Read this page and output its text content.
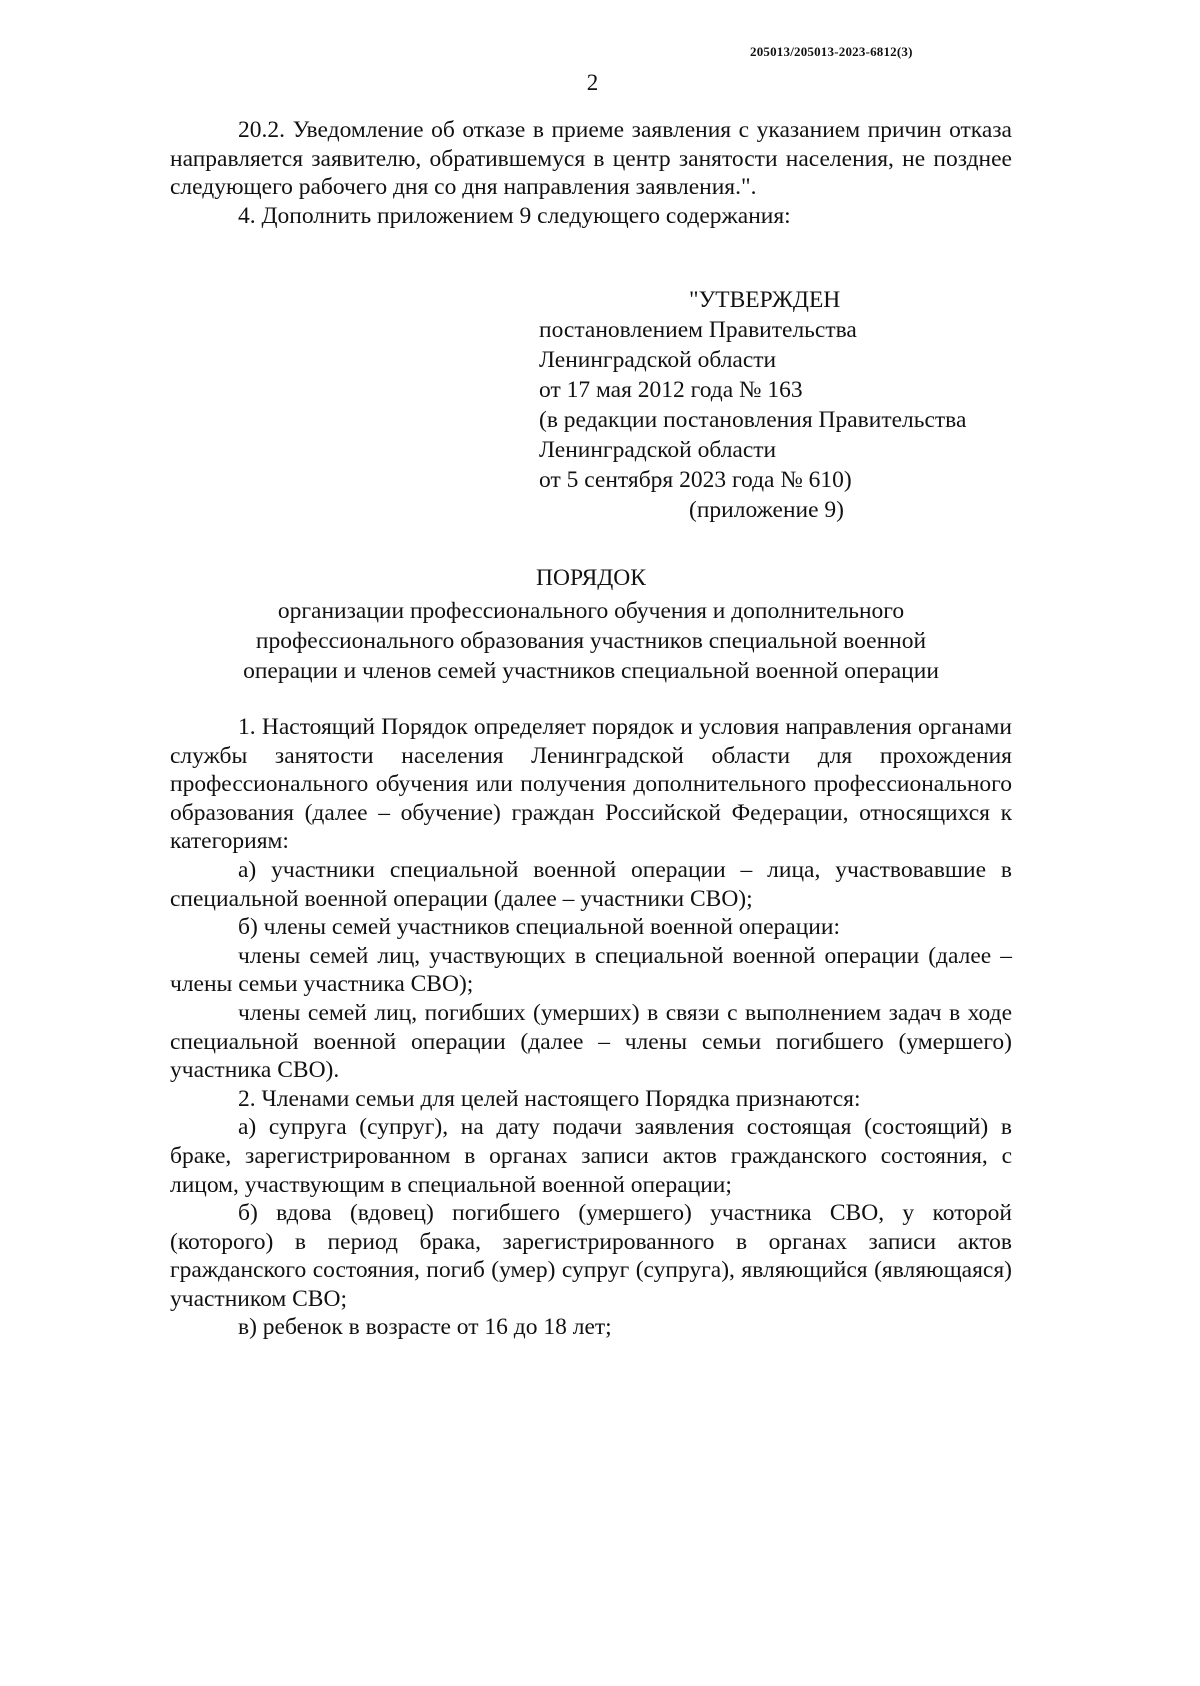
205013/205013-2023-6812(3)
2

20.2. Уведомление об отказе в приеме заявления с указанием причин отказа направляется заявителю, обратившемуся в центр занятости населения, не позднее следующего рабочего дня со дня направления заявления.".

4. Дополнить приложением 9 следующего содержания:

"УТВЕРЖДЕН
постановлением Правительства
Ленинградской области
от 17 мая 2012 года № 163
(в редакции постановления Правительства
Ленинградской области
от 5 сентября 2023 года № 610)
(приложение 9)
ПОРЯДОК
организации профессионального обучения и дополнительного
профессионального образования участников специальной военной
операции и членов семей участников специальной военной операции

1. Настоящий Порядок определяет порядок и условия направления органами службы занятости населения Ленинградской области для прохождения профессионального обучения или получения дополнительного профессионального образования (далее – обучение) граждан Российской Федерации, относящихся к категориям:

а) участники специальной военной операции – лица, участвовавшие в специальной военной операции (далее – участники СВО);

б) члены семей участников специальной военной операции:

члены семей лиц, участвующих в специальной военной операции (далее – члены семьи участника СВО);

члены семей лиц, погибших (умерших) в связи с выполнением задач в ходе специальной военной операции (далее – члены семьи погибшего (умершего) участника СВО).

2. Членами семьи для целей настоящего Порядка признаются:

а) супруга (супруг), на дату подачи заявления состоящая (состоящий) в браке, зарегистрированном в органах записи актов гражданского состояния, с лицом, участвующим в специальной военной операции;

б) вдова (вдовец) погибшего (умершего) участника СВО, у которой (которого) в период брака, зарегистрированного в органах записи актов гражданского состояния, погиб (умер) супруг (супруга), являющийся (являющаяся) участником СВО;

в) ребенок в возрасте от 16 до 18 лет;
